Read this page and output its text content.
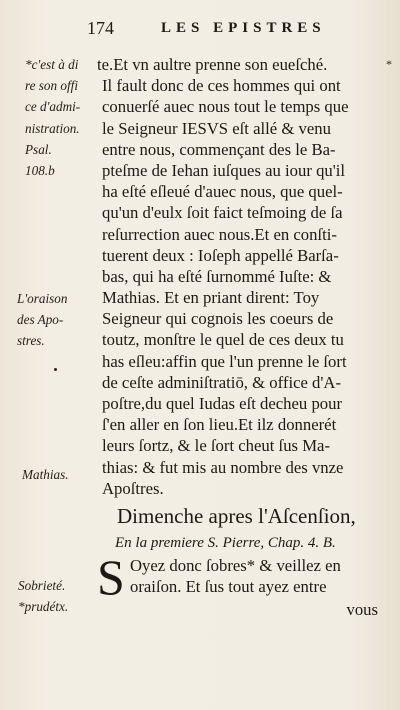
174	LES EPISTRES
*c'est à di
re son offi
ce d'admi-
nistration.
Psal.
108.b
L'oraison
des Apo-
stres.
Mathias.
Sobrieté.
*prudétx.
*
te.Et vn aultre prenne son eueſché.
Il fault donc de ces hommes qui ont
conuerſé auec nous tout le temps que
le Seigneur IESVS eſt allé & venu
entre nous, commençant des le Ba-
pteſme de Iehan iuſques au iour qu'il
ha eſté eſleué d'auec nous, que quel-
qu'un d'eulx ſoit faict teſmoing de ſa
reſurrection auec nous.Et en conſti-
tuerent deux : Ioſeph appellé Barſa-
bas, qui ha eſté ſurnommé Iuſte: &
Mathias. Et en priant dirent: Toy
Seigneur qui cognois les coeurs de
toutz, monſtre le quel de ces deux tu
has eſleu:affin que l'un prenne le ſort
de ceſte adminiſtratiō, & office d'A-
poſtre,du quel Iudas eſt decheu pour
ſ'en aller en ſon lieu.Et ilz donnerét
leurs ſortz, & le ſort cheut ſus Ma-
thias: & fut mis au nombre des vnze
Apoſtres.
Dimenche apres l'Aſcenſion,
En la premiere S. Pierre, Chap. 4. B.
S Oyez donc ſobres* & veillez en
oraiſon. Et ſus tout ayez entre
vous
